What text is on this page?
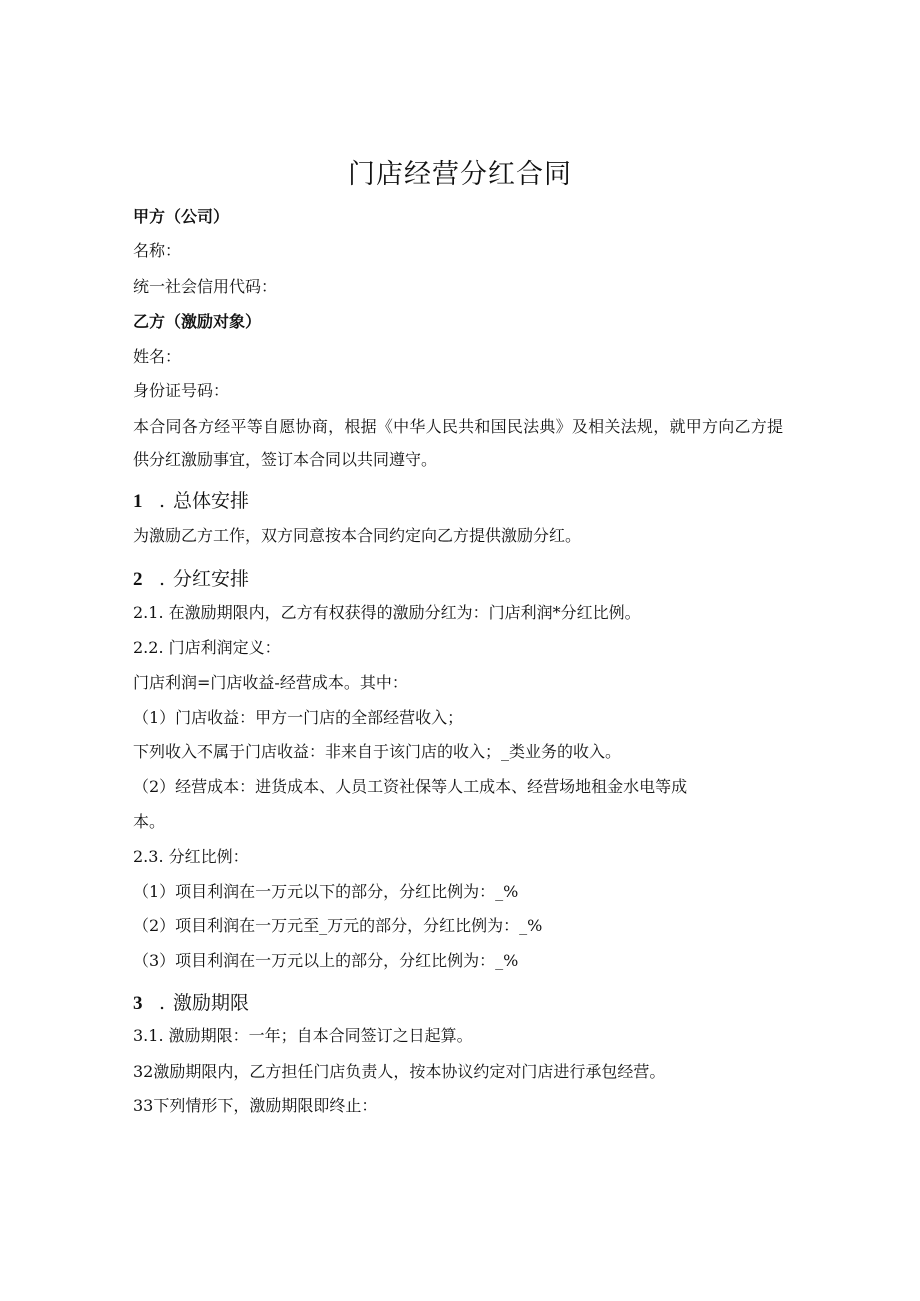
门店经营分红合同
甲方（公司）
名称：
统一社会信用代码：
乙方（激励对象）
姓名：
身份证号码：
本合同各方经平等自愿协商，根据《中华人民共和国民法典》及相关法规，就甲方向乙方提供分红激励事宜，签订本合同以共同遵守。
1 . 总体安排
为激励乙方工作，双方同意按本合同约定向乙方提供激励分红。
2 . 分红安排
2.1. 在激励期限内，乙方有权获得的激励分红为：门店利润*分红比例。
2.2. 门店利润定义：
门店利润=门店收益-经营成本。其中：
（1）门店收益：甲方一门店的全部经营收入；
下列收入不属于门店收益：非来自于该门店的收入；_类业务的收入。
（2）经营成本：进货成本、人员工资社保等人工成本、经营场地租金水电等成
本。
2.3. 分红比例：
（1）项目利润在一万元以下的部分，分红比例为：_%
（2）项目利润在一万元至_万元的部分，分红比例为：_%
（3）项目利润在一万元以上的部分，分红比例为：_%
3 . 激励期限
3.1. 激励期限：一年；自本合同签订之日起算。
32激励期限内，乙方担任门店负责人，按本协议约定对门店进行承包经营。
33下列情形下，激励期限即终止：
